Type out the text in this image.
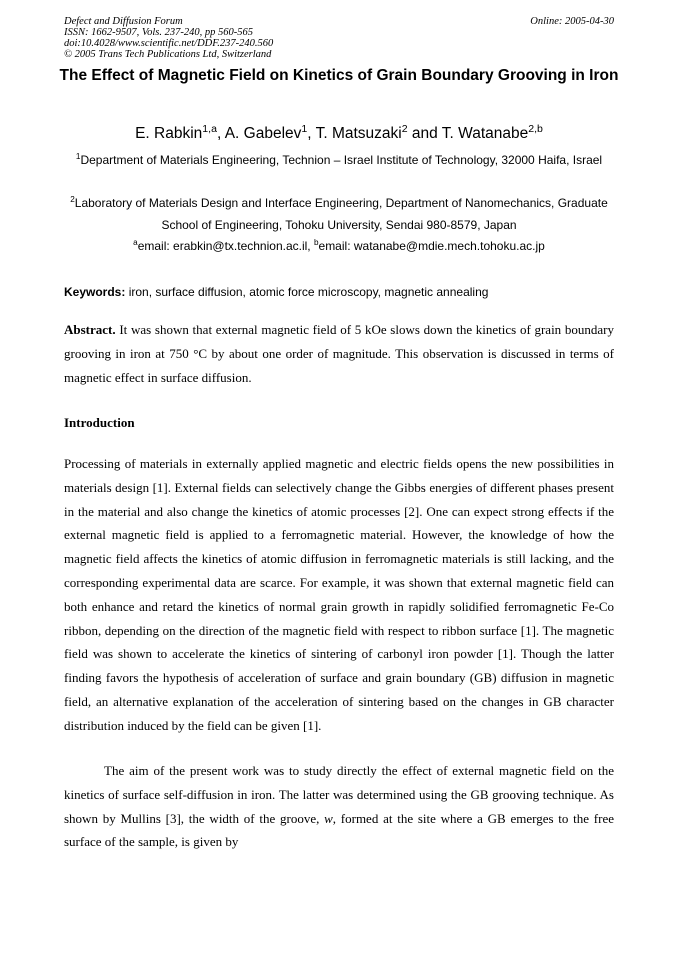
Defect and Diffusion Forum
ISSN: 1662-9507, Vols. 237-240, pp 560-565
doi:10.4028/www.scientific.net/DDF.237-240.560
© 2005 Trans Tech Publications Ltd, Switzerland
Online: 2005-04-30
The Effect of Magnetic Field on Kinetics of Grain Boundary Grooving in Iron
E. Rabkin$^{1,a}$, A. Gabelev$^1$, T. Matsuzaki$^2$ and T. Watanabe$^{2,b}$
$^1$Department of Materials Engineering, Technion – Israel Institute of Technology, 32000 Haifa, Israel
$^2$Laboratory of Materials Design and Interface Engineering, Department of Nanomechanics, Graduate School of Engineering, Tohoku University, Sendai 980-8579, Japan
$^a$email: erabkin@tx.technion.ac.il, $^b$email: watanabe@mdie.mech.tohoku.ac.jp
Keywords: iron, surface diffusion, atomic force microscopy, magnetic annealing
Abstract. It was shown that external magnetic field of 5 kOe slows down the kinetics of grain boundary grooving in iron at 750 °C by about one order of magnitude. This observation is discussed in terms of magnetic effect in surface diffusion.
Introduction

Processing of materials in externally applied magnetic and electric fields opens the new possibilities in materials design [1]. External fields can selectively change the Gibbs energies of different phases present in the material and also change the kinetics of atomic processes [2]. One can expect strong effects if the external magnetic field is applied to a ferromagnetic material. However, the knowledge of how the magnetic field affects the kinetics of atomic diffusion in ferromagnetic materials is still lacking, and the corresponding experimental data are scarce. For example, it was shown that external magnetic field can both enhance and retard the kinetics of normal grain growth in rapidly solidified ferromagnetic Fe-Co ribbon, depending on the direction of the magnetic field with respect to ribbon surface [1]. The magnetic field was shown to accelerate the kinetics of sintering of carbonyl iron powder [1]. Though the latter finding favors the hypothesis of acceleration of surface and grain boundary (GB) diffusion in magnetic field, an alternative explanation of the acceleration of sintering based on the changes in GB character distribution induced by the field can be given [1].

The aim of the present work was to study directly the effect of external magnetic field on the kinetics of surface self-diffusion in iron. The latter was determined using the GB grooving technique. As shown by Mullins [3], the width of the groove, w, formed at the site where a GB emerges to the free surface of the sample, is given by
